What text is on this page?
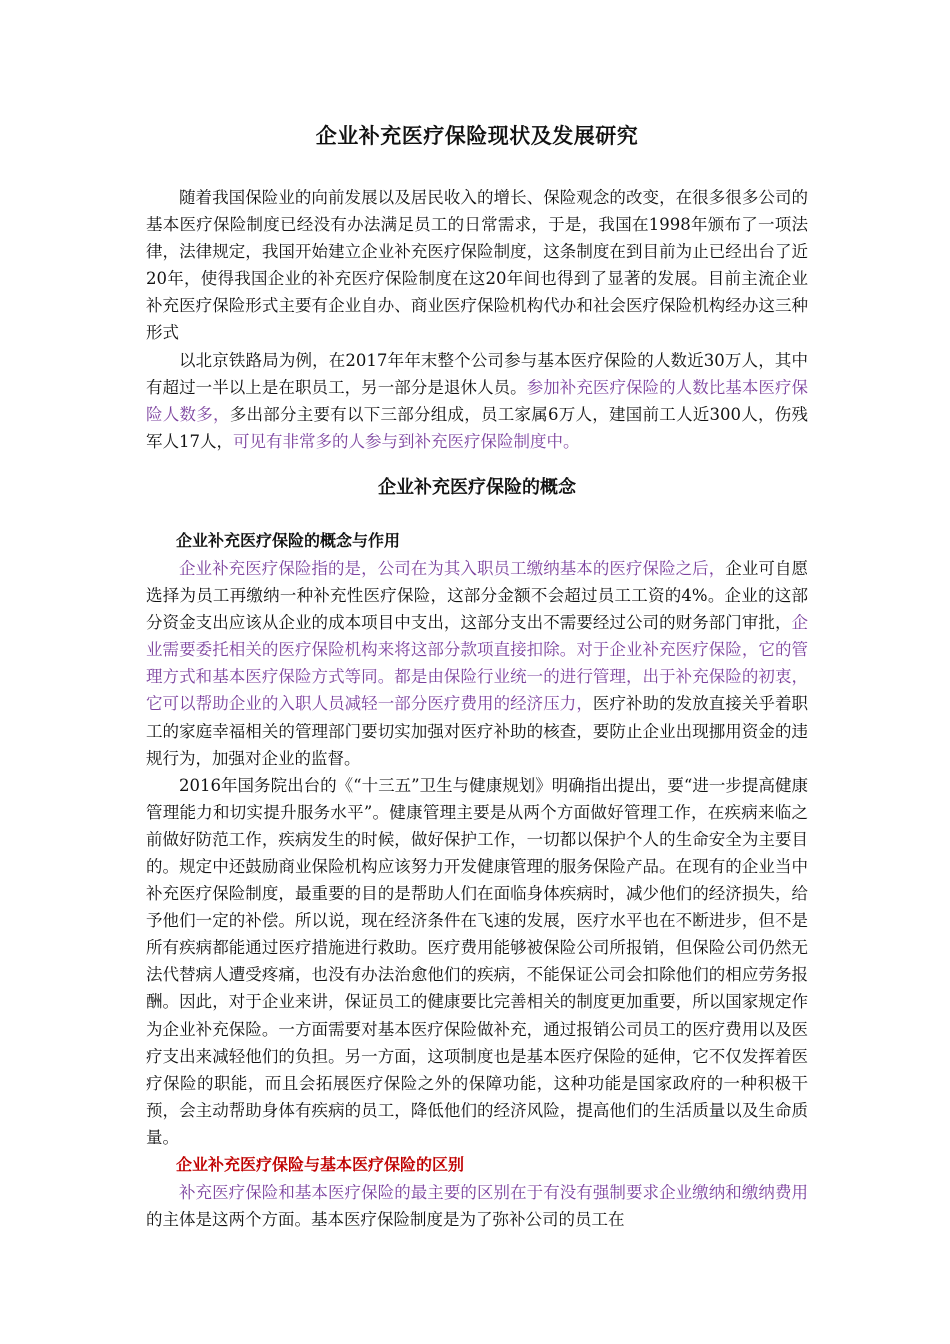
企业补充医疗保险现状及发展研究

随着我国保险业的向前发展以及居民收入的增长、保险观念的改变，在很多很多公司的基本医疗保险制度已经没有办法满足员工的日常需求，于是，我国在1998年颁布了一项法律，法律规定，我国开始建立企业补充医疗保险制度，这条制度在到目前为止已经出台了近20年，使得我国企业的补充医疗保险制度在这20年间也得到了显著的发展。目前主流企业补充医疗保险形式主要有企业自办、商业医疗保险机构代办和社会医疗保险机构经办这三种形式

以北京铁路局为例，在2017年年末整个公司参与基本医疗保险的人数近30万人，其中有超过一半以上是在职员工，另一部分是退休人员。参加补充医疗保险的人数比基本医疗保险人数多，多出部分主要有以下三部分组成，员工家属6万人，建国前工人近300人，伤残军人17人，可见有非常多的人参与到补充医疗保险制度中。

企业补充医疗保险的概念
企业补充医疗保险的概念与作用

企业补充医疗保险指的是，公司在为其入职员工缴纳基本的医疗保险之后，企业可自愿选择为员工再缴纳一种补充性医疗保险，这部分金额不会超过员工工资的4%。企业的这部分资金支出应该从企业的成本项目中支出，这部分支出不需要经过公司的财务部门审批，企业需要委托相关的医疗保险机构来将这部分款项直接扣除。对于企业补充医疗保险，它的管理方式和基本医疗保险方式等同。都是由保险行业统一的进行管理，出于补充保险的初衷，它可以帮助企业的入职人员减轻一部分医疗费用的经济压力，医疗补助的发放直接关乎着职工的家庭幸福相关的管理部门要切实加强对医疗补助的核查，要防止企业出现挪用资金的违规行为，加强对企业的监督。

2016年国务院出台的《“十三五”卫生与健康规划》明确指出提出，要“进一步提高健康管理能力和切实提升服务水平”。健康管理主要是从两个方面做好管理工作，在疾病来临之前做好防范工作，疾病发生的时候，做好保护工作，一切都以保护个人的生命安全为主要目的。规定中还鼓励商业保险机构应该努力开发健康管理的服务保险产品。在现有的企业当中补充医疗保险制度，最重要的目的是帮助人们在面临身体疾病时，减少他们的经济损失，给予他们一定的补偿。所以说，现在经济条件在飞速的发展，医疗水平也在不断进步，但不是所有疾病都能通过医疗措施进行救助。医疗费用能够被保险公司所报销，但保险公司仍然无法代替病人遭受疼痛，也没有办法治愈他们的疾病，不能保证公司会扣除他们的相应劳务报酬。因此，对于企业来讲，保证员工的健康要比完善相关的制度更加重要，所以国家规定作为企业补充保险。一方面需要对基本医疗保险做补充，通过报销公司员工的医疗费用以及医疗支出来减轻他们的负担。另一方面，这项制度也是基本医疗保险的延伸，它不仅发挥着医疗保险的职能，而且会拓展医疗保险之外的保障功能，这种功能是国家政府的一种积极干预，会主动帮助身体有疾病的员工，降低他们的经济风险，提高他们的生活质量以及生命质量。

企业补充医疗保险与基本医疗保险的区别

补充医疗保险和基本医疗保险的最主要的区别在于有没有强制要求企业缴纳和缴纳费用的主体是这两个方面。基本医疗保险制度是为了弥补公司的员工在
